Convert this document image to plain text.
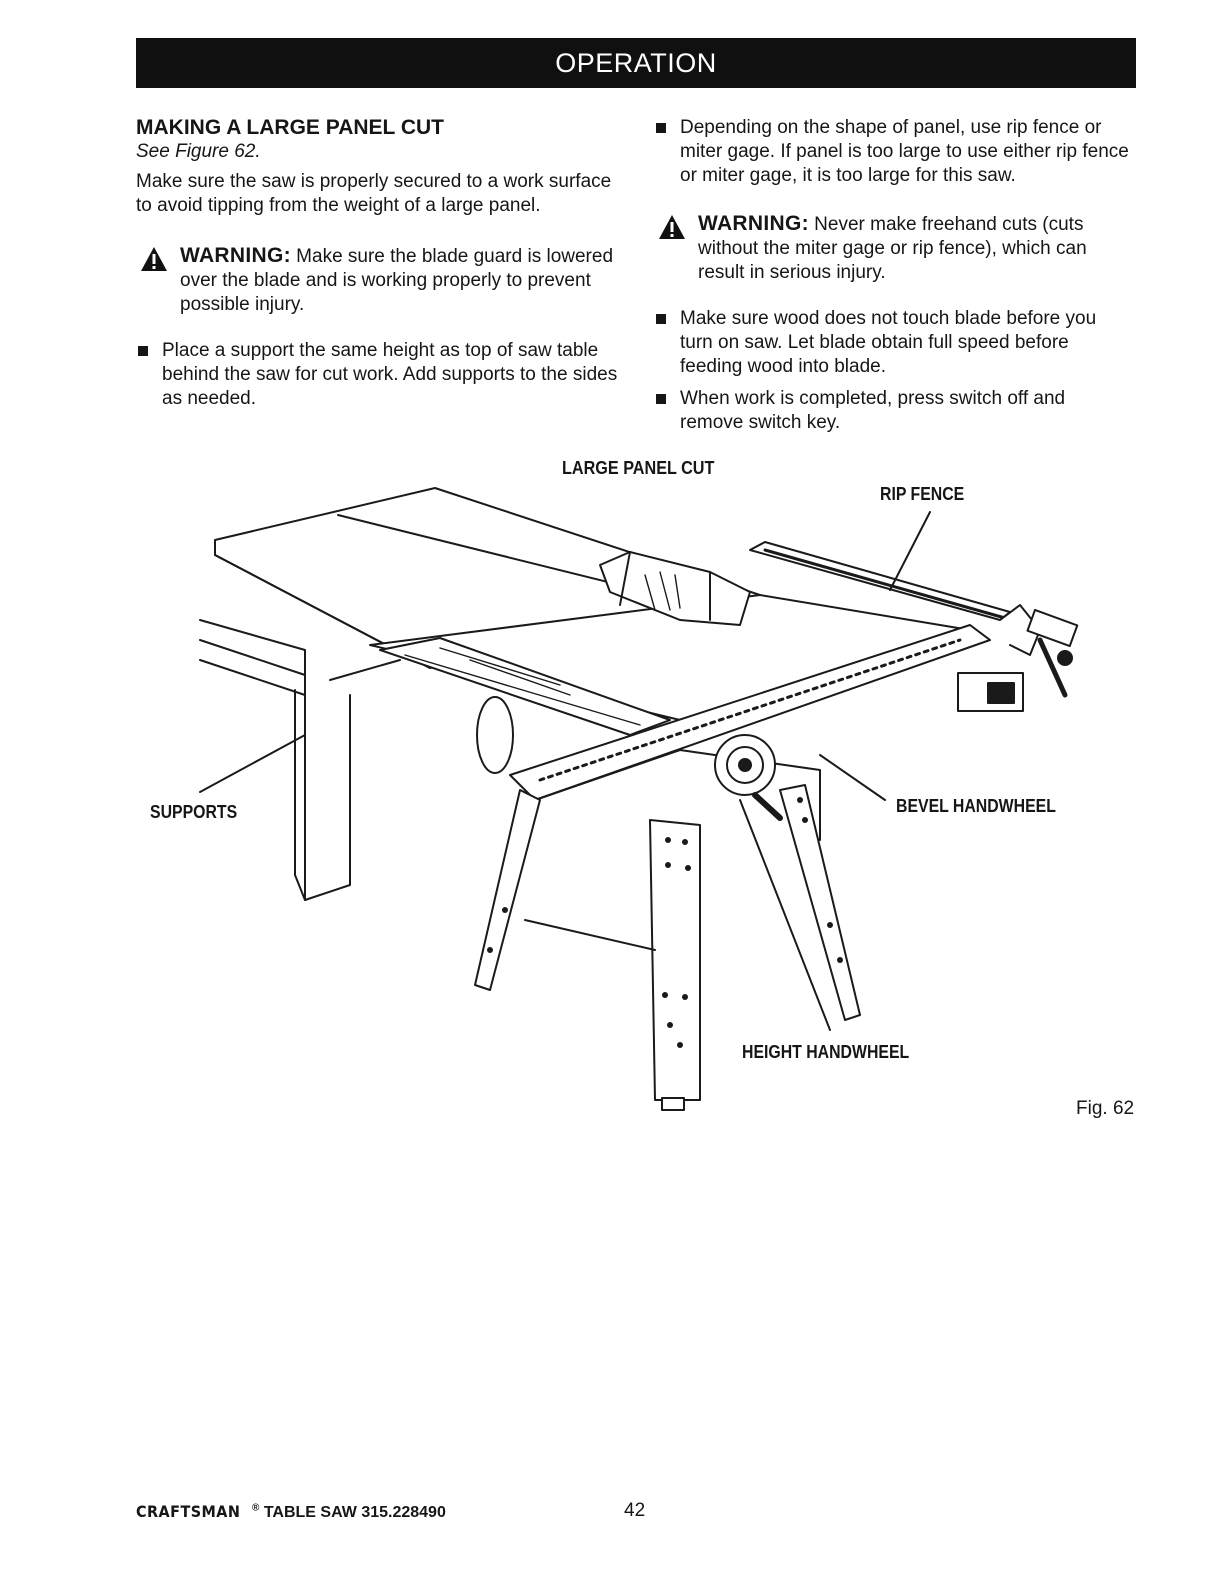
OPERATION
MAKING A LARGE PANEL CUT
See Figure 62.

Make sure the saw is properly secured to a work surface to avoid tipping from the weight of a large panel.

WARNING: Make sure the blade guard is lowered over the blade and is working properly to prevent possible injury.
Place a support the same height as top of saw table behind the saw for cut work. Add supports to the sides as needed.
Depending on the shape of panel, use rip fence or miter gage. If panel is too large to use either rip fence or miter gage, it is too large for this saw.
WARNING: Never make freehand cuts (cuts without the miter gage or rip fence), which can result in serious injury.
Make sure wood does not touch blade before you turn on saw. Let blade obtain full speed before feeding wood into blade.
When work is completed, press switch off and remove switch key.
LARGE PANEL CUT
RIP FENCE
SUPPORTS	BEVEL HANDWHEEL
HEIGHT HANDWHEEL
Fig. 62
CRAFTSMAN ® TABLE SAW 315.228490	42
